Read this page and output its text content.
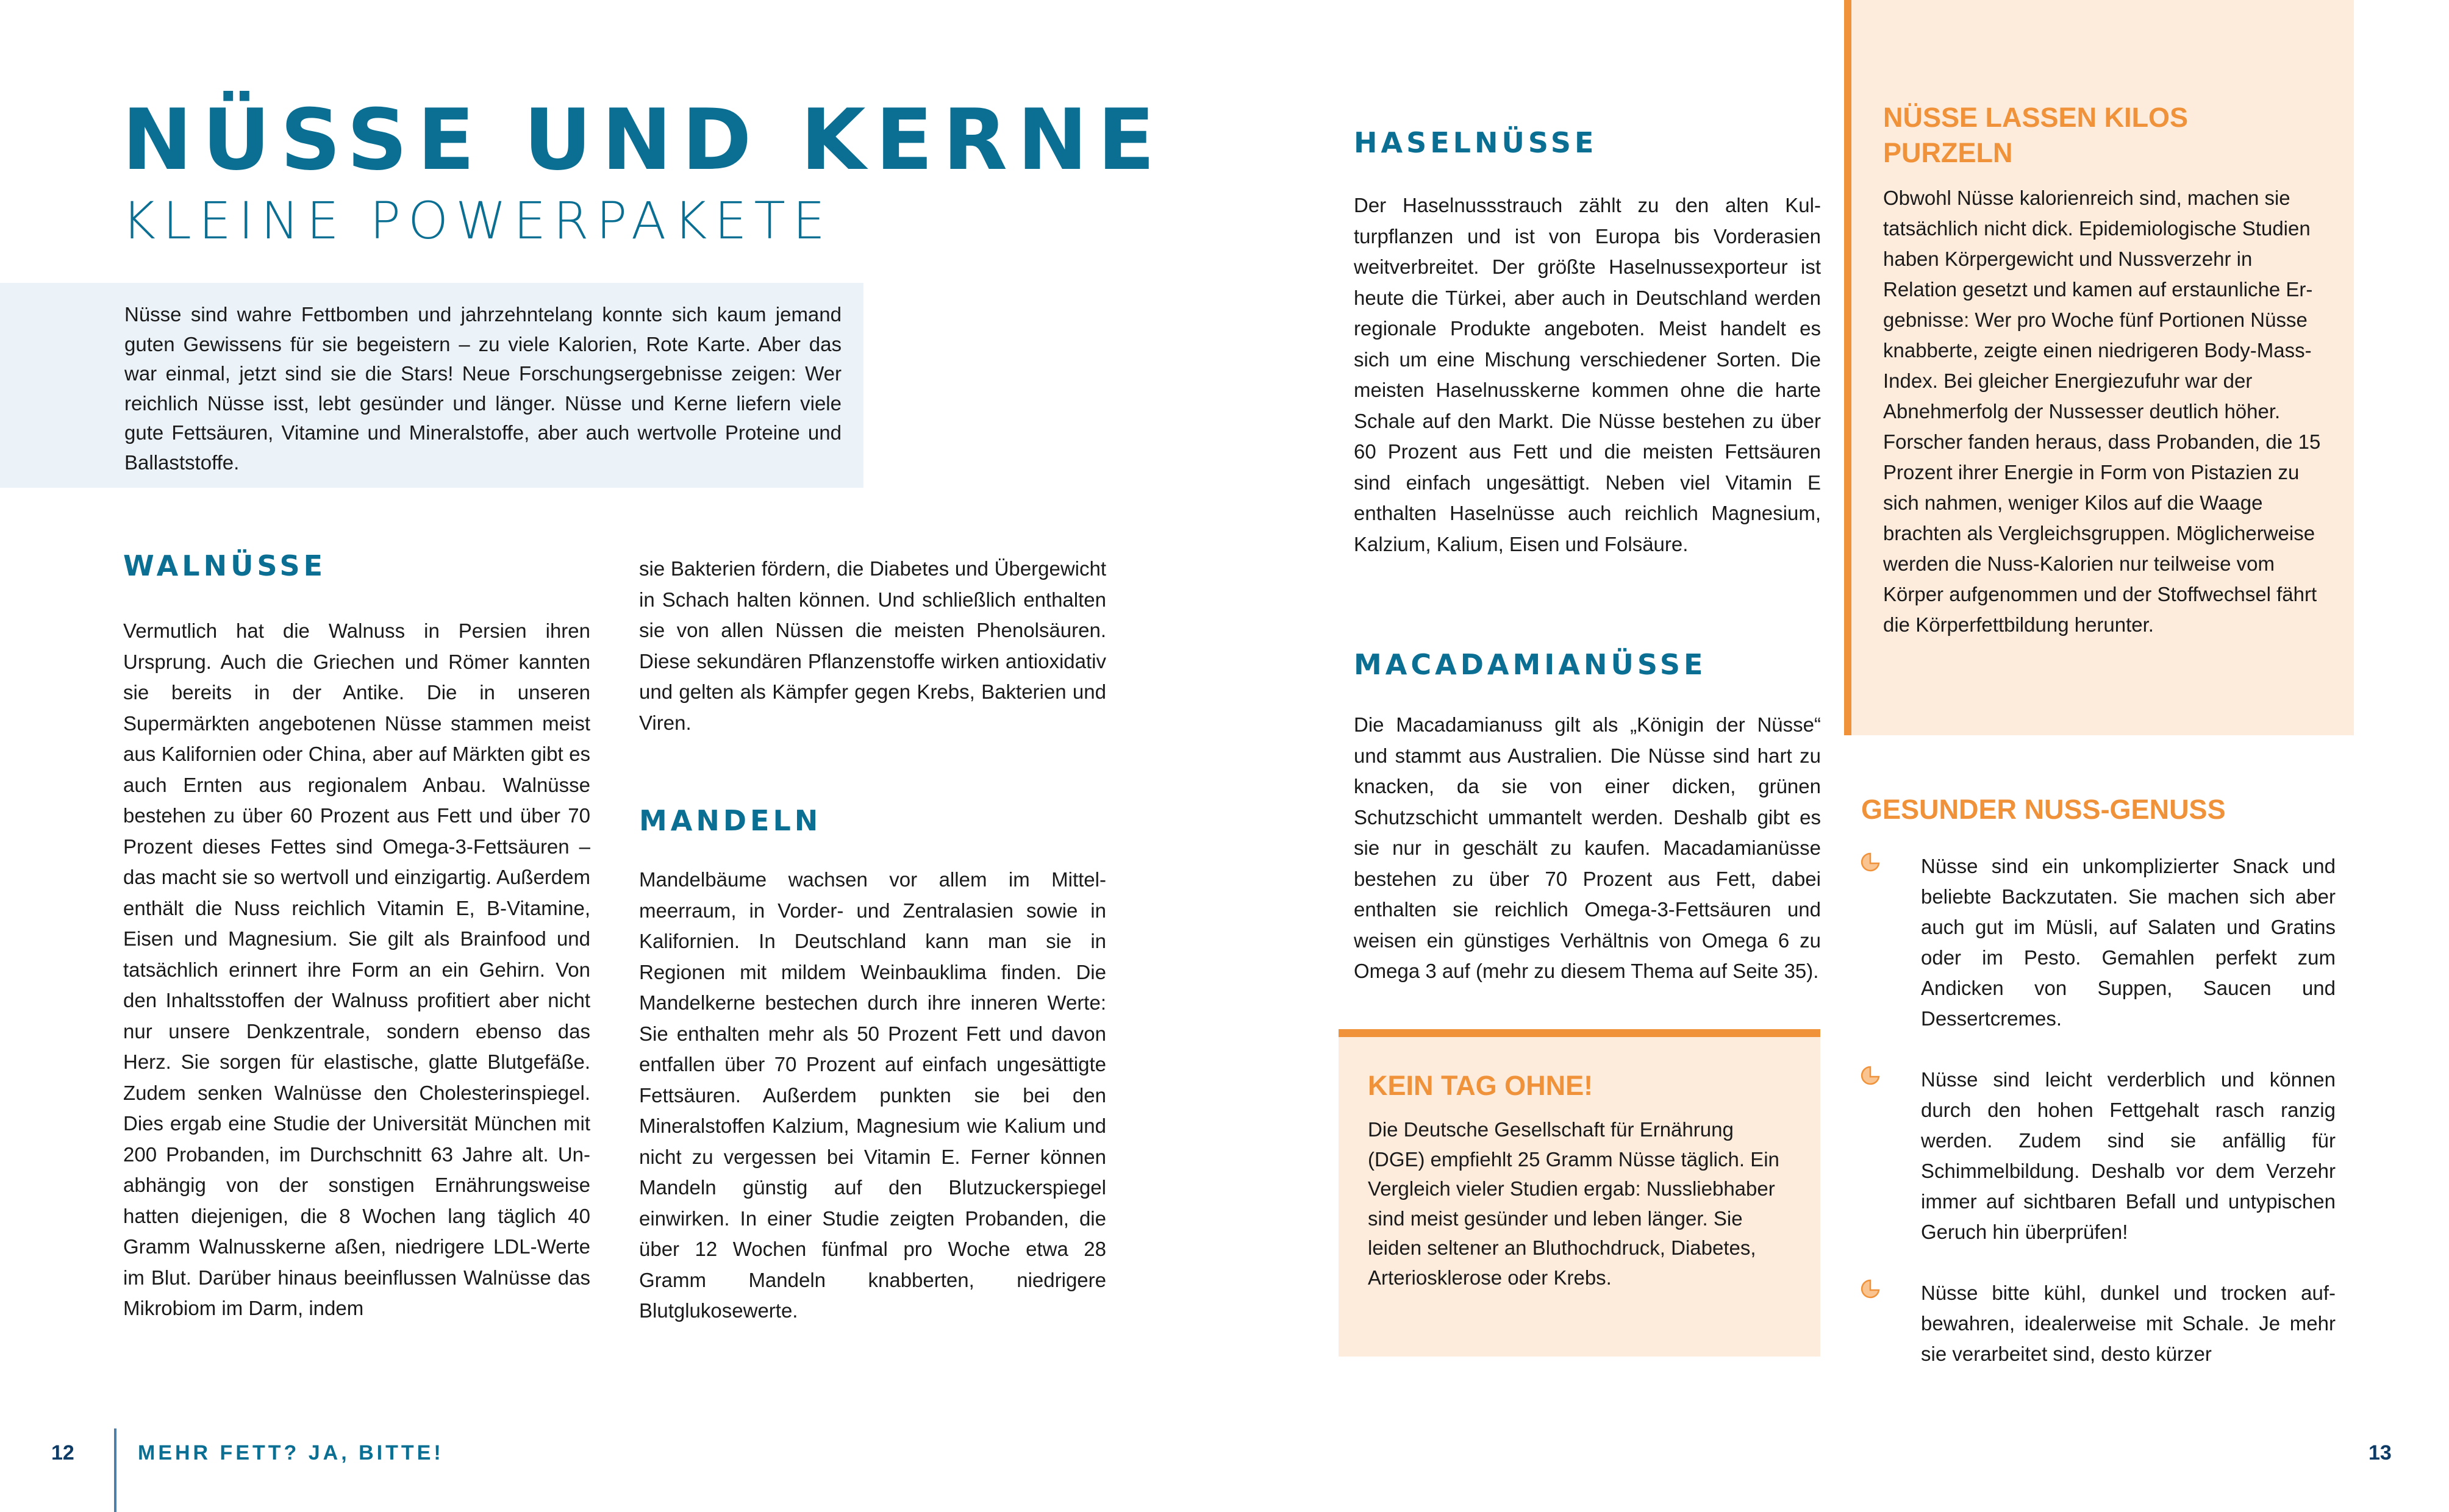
NÜSSE UND KERNE
KLEINE POWERPAKETE
Nüsse sind wahre Fettbomben und jahrzehntelang konnte sich kaum jemand guten Gewissens für sie begeistern – zu viele Kalorien, Rote Karte. Aber das war einmal, jetzt sind sie die Stars! Neue Forschungsergebnisse zeigen: Wer reichlich Nüsse isst, lebt gesünder und länger. Nüsse und Kerne liefern viele gute Fettsäuren, Vitamine und Mineralstoffe, aber auch wertvolle Proteine und Ballaststoffe.
WALNÜSSE
Vermutlich hat die Walnuss in Persien ihren Ursprung. Auch die Griechen und Römer kannten sie bereits in der Antike. Die in unseren Supermärkten angebotenen Nüsse stammen meist aus Kalifornien oder China, aber auf Märkten gibt es auch Ernten aus regionalem Anbau. Walnüsse bestehen zu über 60 Prozent aus Fett und über 70 Prozent dieses Fettes sind Omega-3-Fettsäuren – das macht sie so wertvoll und einzigartig. Außerdem enthält die Nuss reichlich Vitamin E, B-Vitamine, Eisen und Magnesium. Sie gilt als Brainfood und tatsächlich erinnert ihre Form an ein Gehirn. Von den Inhaltsstoffen der Walnuss profitiert aber nicht nur unsere Denkzentrale, sondern ebenso das Herz. Sie sorgen für elastische, glatte Blutgefäße. Zudem senken Walnüsse den Cholesterinspiegel. Dies ergab eine Studie der Universität München mit 200 Probanden, im Durchschnitt 63 Jahre alt. Unabhängig von der sonstigen Ernährungsweise hatten diejenigen, die 8 Wochen lang täglich 40 Gramm Walnusskerne aßen, niedrigere LDL-Werte im Blut. Darüber hinaus beeinflussen Walnüsse das Mikrobiom im Darm, indem
sie Bakterien fördern, die Diabetes und Übergewicht in Schach halten können. Und schließlich enthalten sie von allen Nüssen die meisten Phenolsäuren. Diese sekundären Pflanzenstoffe wirken antioxidativ und gelten als Kämpfer gegen Krebs, Bakterien und Viren.
MANDELN
Mandelbäume wachsen vor allem im Mittelmeerraum, in Vorder- und Zentralasien sowie in Kalifornien. In Deutschland kann man sie in Regionen mit mildem Weinbauklima finden. Die Mandelkerne bestechen durch ihre inneren Werte: Sie enthalten mehr als 50 Prozent Fett und davon entfallen über 70 Prozent auf einfach ungesättigte Fettsäuren. Außerdem punkten sie bei den Mineralstoffen Kalzium, Magnesium wie Kalium und nicht zu vergessen bei Vitamin E. Ferner können Mandeln günstig auf den Blutzuckerspiegel einwirken. In einer Studie zeigten Probanden, die über 12 Wochen fünfmal pro Woche etwa 28 Gramm Mandeln knabberten, niedrigere Blutglukosewerte.
HASELNÜSSE
Der Haselnussstrauch zählt zu den alten Kulturpflanzen und ist von Europa bis Vorderasien weitverbreitet. Der größte Haselnussexporteur ist heute die Türkei, aber auch in Deutschland werden regionale Produkte angeboten. Meist handelt es sich um eine Mischung verschiedener Sorten. Die meisten Haselnusskerne kommen ohne die harte Schale auf den Markt. Die Nüsse bestehen zu über 60 Prozent aus Fett und die meisten Fettsäuren sind einfach ungesättigt. Neben viel Vitamin E enthalten Haselnüsse auch reichlich Magnesium, Kalzium, Kalium, Eisen und Folsäure.
MACADAMIANÜSSE
Die Macadamianuss gilt als „Königin der Nüsse“ und stammt aus Australien. Die Nüsse sind hart zu knacken, da sie von einer dicken, grünen Schutzschicht ummantelt werden. Deshalb gibt es sie nur in geschält zu kaufen. Macadamianüsse bestehen zu über 70 Prozent aus Fett, dabei enthalten sie reichlich Omega-3-Fettsäuren und weisen ein günstiges Verhältnis von Omega 6 zu Omega 3 auf (mehr zu diesem Thema auf Seite 35).
KEIN TAG OHNE!
Die Deutsche Gesellschaft für Ernährung (DGE) empfiehlt 25 Gramm Nüsse täglich. Ein Vergleich vieler Studien ergab: Nussliebhaber sind meist gesünder und leben länger. Sie leiden seltener an Bluthochdruck, Diabetes, Arteriosklerose oder Krebs.
NÜSSE LASSEN KILOS PURZELN
Obwohl Nüsse kalorienreich sind, machen sie tatsächlich nicht dick. Epidemiologische Studien haben Körpergewicht und Nussverzehr in Relation gesetzt und kamen auf erstaunliche Ergebnisse: Wer pro Woche fünf Portionen Nüsse knabberte, zeigte einen niedrigeren Body-Mass-Index. Bei gleicher Energiezufuhr war der Abnehmerfolg der Nussesser deutlich höher. Forscher fanden heraus, dass Probanden, die 15 Prozent ihrer Energie in Form von Pistazien zu sich nahmen, weniger Kilos auf die Waage brachten als Vergleichsgruppen. Möglicherweise werden die Nuss-Kalorien nur teilweise vom Körper aufgenommen und der Stoffwechsel fährt die Körperfettbildung herunter.
GESUNDER NUSS-GENUSS
Nüsse sind ein unkomplizierter Snack und beliebte Backzutaten. Sie machen sich aber auch gut im Müsli, auf Salaten und Gratins oder im Pesto. Gemahlen perfekt zum Andicken von Suppen, Saucen und Dessertcremes.
Nüsse sind leicht verderblich und können durch den hohen Fettgehalt rasch ranzig werden. Zudem sind sie anfällig für Schimmelbildung. Deshalb vor dem Verzehr immer auf sichtbaren Befall und untypischen Geruch hin überprüfen!
Nüsse bitte kühl, dunkel und trocken aufbewahren, idealerweise mit Schale. Je mehr sie verarbeitet sind, desto kürzer
12	MEHR FETT? JA, BITTE!	13
